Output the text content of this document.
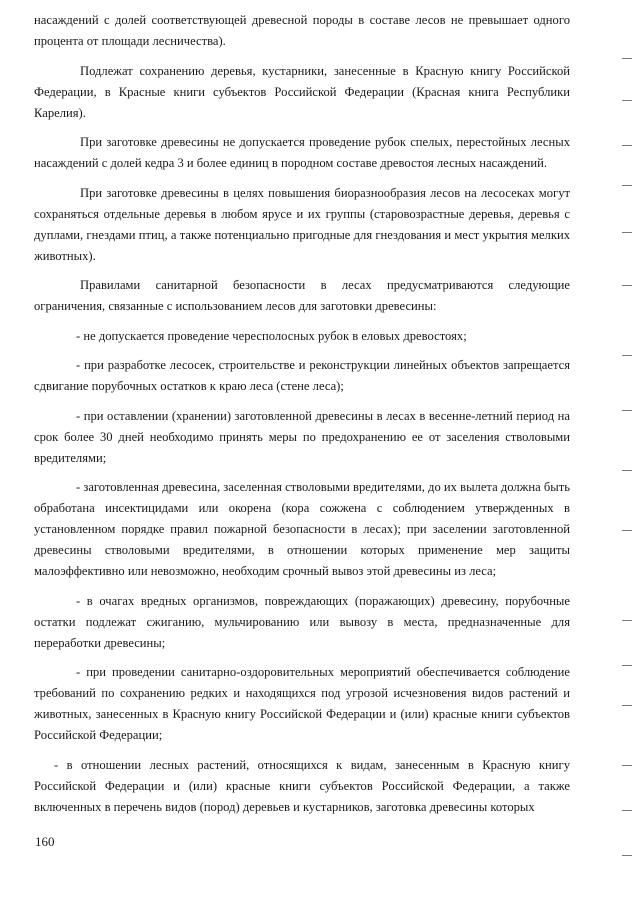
насаждений с долей соответствующей древесной породы в составе лесов не превышает одного процента от площади лесничества).

Подлежат сохранению деревья, кустарники, занесенные в Красную книгу Российской Федерации, в Красные книги субъектов Российской Федерации (Красная книга Республики Карелия).

При заготовке древесины не допускается проведение рубок спелых, перестойных лесных насаждений с долей кедра 3 и более единиц в породном составе древостоя лесных насаждений.

При заготовке древесины в целях повышения биоразнообразия лесов на лесосеках могут сохраняться отдельные деревья в любом ярусе и их группы (старовозрастные деревья, деревья с дуплами, гнездами птиц, а также потенциально пригодные для гнездования и мест укрытия мелких животных).

Правилами санитарной безопасности в лесах предусматриваются следующие ограничения, связанные с использованием лесов для заготовки древесины:

- не допускается проведение чересполосных рубок в еловых древостоях;

- при разработке лесосек, строительстве и реконструкции линейных объектов запрещается сдвигание порубочных остатков к краю леса (стене леса);

- при оставлении (хранении) заготовленной древесины в лесах в весенне-летний период на срок более 30 дней необходимо принять меры по предохранению ее от заселения стволовыми вредителями;

- заготовленная древесина, заселенная стволовыми вредителями, до их вылета должна быть обработана инсектицидами или окорена (кора сожжена с соблюдением утвержденных в установленном порядке правил пожарной безопасности в лесах); при заселении заготовленной древесины стволовыми вредителями, в отношении которых применение мер защиты малоэффективно или невозможно, необходим срочный вывоз этой древесины из леса;

- в очагах вредных организмов, повреждающих (поражающих) древесину, порубочные остатки подлежат сжиганию, мульчированию или вывозу в места, предназначенные для переработки древесины;

- при проведении санитарно-оздоровительных мероприятий обеспечивается соблюдение требований по сохранению редких и находящихся под угрозой исчезновения видов растений и животных, занесенных в Красную книгу Российской Федерации и (или) красные книги субъектов Российской Федерации;

- в отношении лесных растений, относящихся к видам, занесенным в Красную книгу Российской Федерации и (или) красные книги субъектов Российской Федерации, а также включенных в перечень видов (пород) деревьев и кустарников, заготовка древесины которых

160
